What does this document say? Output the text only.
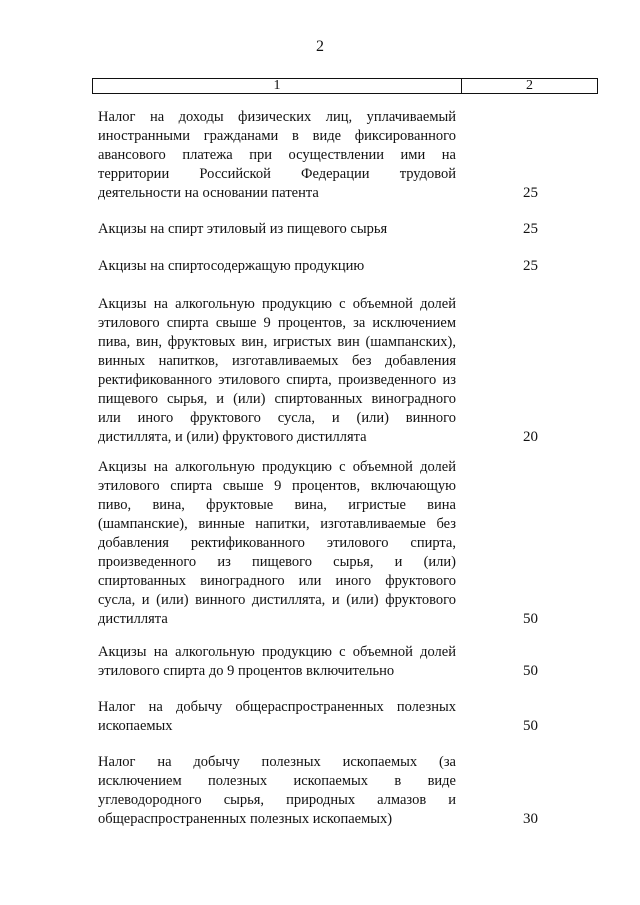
2
1	2
Налог на доходы физических лиц, уплачиваемый
иностранными гражданами в виде фиксированного
авансового платежа при осуществлении ими на
территории Российской Федерации трудовой
деятельности на основании патента	25
Акцизы на спирт этиловый из пищевого сырья	25
Акцизы на спиртосодержащую продукцию	25
Акцизы на алкогольную продукцию с объемной долей
этилового спирта свыше 9 процентов, за исключением
пива, вин, фруктовых вин, игристых вин (шампанских),
винных напитков, изготавливаемых без добавления
ректификованного этилового спирта, произведенного из
пищевого сырья, и (или) спиртованных виноградного
или иного фруктового сусла, и (или) винного
дистиллята, и (или) фруктового дистиллята	20
Акцизы на алкогольную продукцию с объемной долей
этилового спирта свыше 9 процентов, включающую
пиво, вина, фруктовые вина, игристые вина
(шампанские), винные напитки, изготавливаемые без
добавления ректификованного этилового спирта,
произведенного из пищевого сырья, и (или)
спиртованных виноградного или иного фруктового
сусла, и (или) винного дистиллята, и (или) фруктового
дистиллята	50
Акцизы на алкогольную продукцию с объемной долей
этилового спирта до 9 процентов включительно	50
Налог на добычу общераспространенных полезных
ископаемых	50
Налог на добычу полезных ископаемых (за
исключением полезных ископаемых в виде
углеводородного сырья, природных алмазов и
общераспространенных полезных ископаемых)	30
